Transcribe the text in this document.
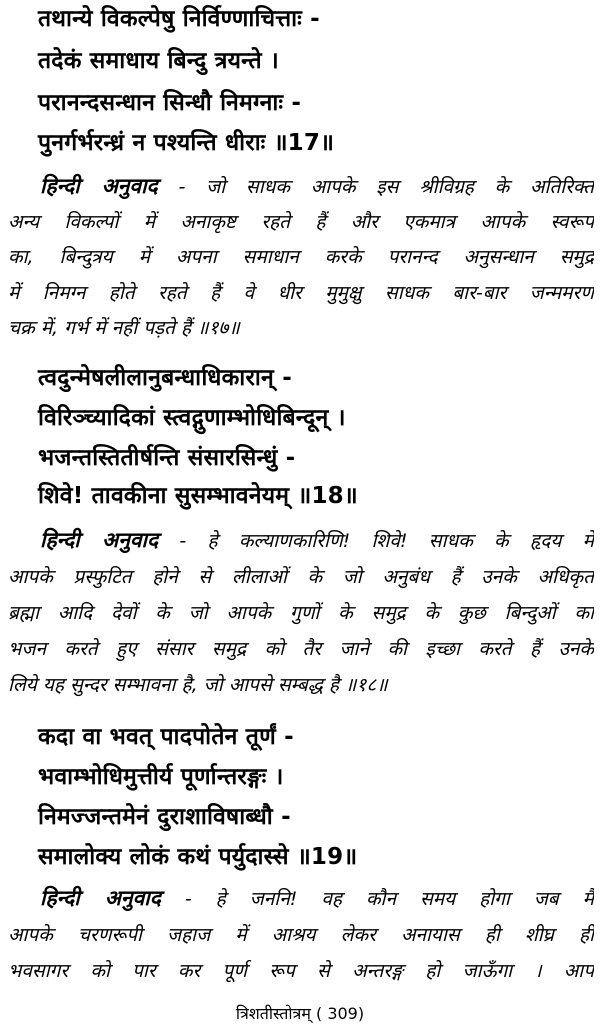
तथान्ये विकल्पेषु निर्विण्णाचित्ताः -
तदेकं समाधाय बिन्दु त्रयन्ते ।
परानन्दसन्धान सिन्धौ निमग्नाः -
पुनर्गर्भरन्ध्रं न पश्यन्ति धीराः ॥17॥
हिन्दी अनुवाद - जो साधक आपके इस श्रीविग्रह के अतिरिक्त
अन्य विकल्पों में अनाकृष्ट रहते हैं और एकमात्र आपके स्वरूप
का, बिन्दुत्रय में अपना समाधान करके परानन्द अनुसन्धान समुद्र
में निमग्न होते रहते हैं वे धीर मुमुक्षु साधक बार-बार जन्ममरण
चक्र में, गर्भ में नहीं पड़ते हैं ॥१७॥
त्वदुन्मेषलीलानुबन्धाधिकारान् -
विरिञ्च्यादिकां स्त्वद्गुणाम्भोधिबिन्दून् ।
भजन्तस्तितीर्षन्ति संसारसिन्धुं -
शिवे! तावकीना सुसम्भावनेयम् ॥18॥
हिन्दी अनुवाद - हे कल्याणकारिणि! शिवे! साधक के हृदय में
आपके प्रस्फुटित होने से लीलाओं के जो अनुबंध हैं उनके अधिकृत
ब्रह्मा आदि देवों के जो आपके गुणों के समुद्र के कुछ बिन्दुओं का
भजन करते हुए संसार समुद्र को तैर जाने की इच्छा करते हैं उनके
लिये यह सुन्दर सम्भावना है, जो आपसे सम्बद्ध है ॥१८॥
कदा वा भवत् पादपोतेन तूर्णं -
भवाम्भोधिमुत्तीर्य पूर्णान्तरङ्गः ।
निमज्जन्तमेनं दुराशाविषाब्धौ -
समालोक्य लोकं कथं पर्युदास्से ॥19॥
हिन्दी अनुवाद - हे जननि! वह कौन समय होगा जब मैं
आपके चरणरूपी जहाज में आश्रय लेकर अनायास ही शीघ्र ही
भवसागर को पार कर पूर्ण रूप से अन्तरङ्ग हो जाऊँगा । आप
त्रिशतीस्तोत्रम् ( 309)
